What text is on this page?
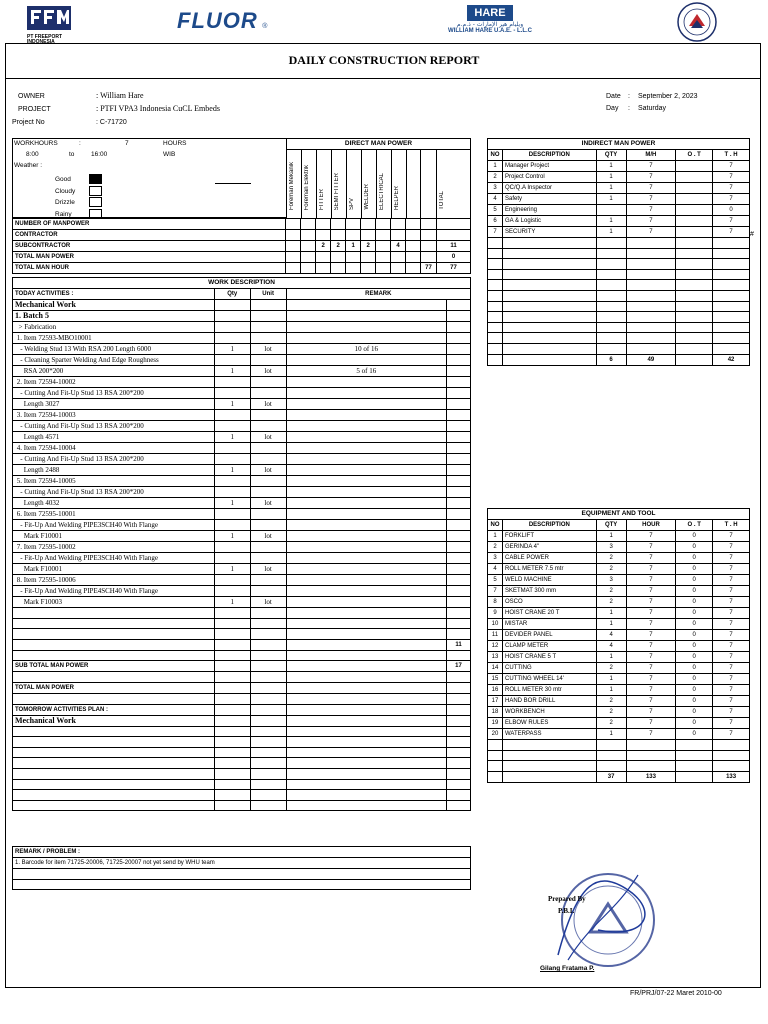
PT FREEPORT INDONESIA
FLUOR ®
HARE
ويليام هير الإمارات - ذ.م.م
WILLIAM HARE U.A.E. - L.L.C
DAILY CONSTRUCTION REPORT
OWNER	: William Hare
PROJECT	: PTFI VPA3 Indonesia CuCL Embeds
Project No	: C-71720
Date : September 2, 2023
Day : Saturday
WORKHOURS	:	7	HOURS
8:00	to	16:00	WIB
Weather :
Good
Cloudy
Drizzle
Rainy
DIRECT MAN POWER
Foreman Mekanik	Foreman Elektrik	FITTER	SEMI FITTER	SPV	WELDER	ELECTRICAL	HELPER			TOTAL
NUMBER OF MANPOWER											
CONTRACTOR											
SUBCONTRACTOR			2	2	1	2		4			11
TOTAL MAN POWER											0
TOTAL MAN HOUR										77	77
WORK DESCRIPTION				
TODAY ACTIVITIES :	Qty	Unit	REMARK	
Mechanical Work				
1. Batch 5				
> Fabrication				
1. Item 72593-MBO10001				
- Welding Stud 13 With RSA 200 Length 6000	1	lot	10 of 16	
- Cleaning Sparter Welding And Edge Roughness				
RSA 200*200	1	lot	5 of 16	
2. Item 72594-10002				
- Cutting And Fit-Up Stud 13 RSA 200*200				
Length 3027	1	lot		
3. Item 72594-10003				
- Cutting And Fit-Up Stud 13 RSA 200*200				
Length 4571	1	lot		
4. Item 72594-10004				
- Cutting And Fit-Up Stud 13 RSA 200*200				
Length 2488	1	lot		
5. Item 72594-10005				
- Cutting And Fit-Up Stud 13 RSA 200*200				
Length 4032	1	lot		
6. Item 72595-10001				
- Fit-Up And Welding PIPE3SCH40 With Flange				
Mark F10001	1	lot		
7. Item 72595-10002				
- Fit-Up And Welding PIPE3SCH40 With Flange				
Mark F10001	1	lot		
8. Item 72595-10006				
- Fit-Up And Welding PIPE4SCH40 With Flange				
Mark F10003	1	lot		

				11

SUB TOTAL MAN POWER				17

TOTAL MAN POWER				

TOMORROW ACTIVITIES PLAN :				
Mechanical Work				

REMARK / PROBLEM :
1. Barcode for item 71725-20006, 71725-20007 not yet send by WHU team

INDIRECT MAN POWER					
NO	DESCRIPTION	QTY	M/H	O . T	T . H
1	Manager Project	1	7		7
2	Project Control	1	7		7
3	QC/Q.A Inspector	1	7		7
4	Safety	1	7		7
5	Engineering		7		0
6	GA & Logistic	1	7		7
7	SECURITY	1	7		7

		6	49		42
EQUIPMENT AND TOOL					
NO	DESCRIPTION	QTY	HOUR	O . T	T . H
1	FORKLIFT	1	7	0	7
2	GERINDA 4"	3	7	0	7
3	CABLE POWER	2	7	0	7
4	ROLL METER 7.5 mtr	2	7	0	7
5	WELD MACHINE	3	7	0	7
7	SKETMAT 300 mm	2	7	0	7
8	OSCO	2	7	0	7
9	HOIST CRANE 20 T	1	7	0	7
10	MISTAR	1	7	0	7
11	DEVIDER PANEL	4	7	0	7
12	CLAMP METER	4	7	0	7
13	HOIST CRANE 5 T	1	7	0	7
14	CUTTING	2	7	0	7
15	CUTTING WHEEL 14'	1	7	0	7
16	ROLL METER 30 mtr	1	7	0	7
17	HAND BOR DRILL	2	7	0	7
18	WORKBENCH	2	7	0	7
19	ELBOW RULES	2	7	0	7
20	WATERPASS	1	7	0	7

		37	133		133
Prepared By
P.B.I.
Gilang Fratama P.
FR/PRJ/07-22 Maret 2010-00
#
